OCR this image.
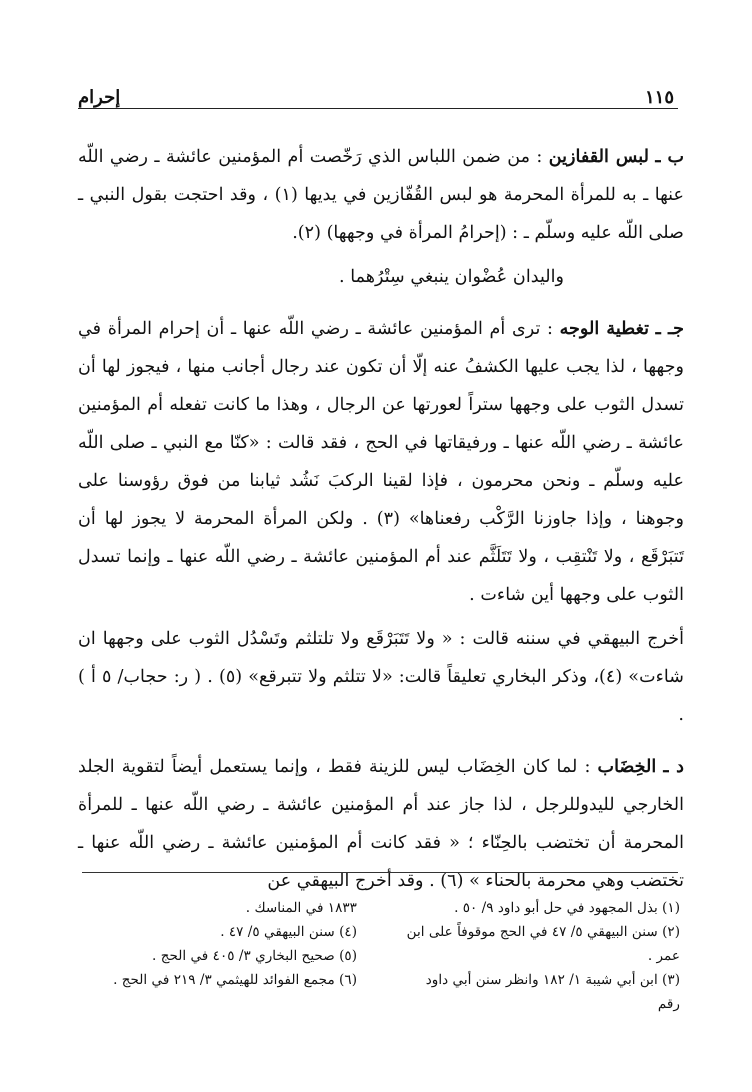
١١٥
إحرام

ب ـ لبس القفازين : من ضمن اللباس الذي رَخّصت أم المؤمنين عائشة ـ رضي اللّه عنها ـ به للمرأة المحرمة هو لبس القُفّازين في يديها (١) ، وقد احتجت بقول النبي ـ صلى اللّه عليه وسلّم ـ : (إحرامُ المرأة في وجهها) (٢).

واليدان عُضْوان ينبغي سِتْرُهما .

جـ ـ تغطية الوجه : ترى أم المؤمنين عائشة ـ رضي اللّه عنها ـ أن إحرام المرأة في وجهها ، لذا يجب عليها الكشفُ عنه إلّا أن تكون عند رجال أجانب منها ، فيجوز لها أن تسدل الثوب على وجهها ستراً لعورتها عن الرجال ، وهذا ما كانت تفعله أم المؤمنين عائشة ـ رضي اللّه عنها ـ ورفيقاتها في الحج ، فقد قالت : «كنّا مع النبي ـ صلى اللّه عليه وسلّم ـ ونحن محرمون ، فإذا لقينا الركبَ نَشُد ثيابنا من فوق رؤوسنا على وجوهنا ، وإذا جاوزنا الرَّكْب رفعناها» (٣) . ولكن المرأة المحرمة لا يجوز لها أن تَتبَرْقَع ، ولا تَنْتقِب ، ولا تَتَلَثَّم عند أم المؤمنين عائشة ـ رضي اللّه عنها ـ وإنما تسدل الثوب على وجهها أين شاءت .

أخرج البيهقي في سننه قالت : « ولا تَتَبَرْقَع ولا تلتلثم وتَسْدُل الثوب على وجهها ان شاءت» (٤)، وذكر البخاري تعليقاً قالت: «لا تتلثم ولا تتبرقع» (٥) . ( ر: حجاب/ ٥ أ ) .

د ـ الخِضَاب : لما كان الخِضَاب ليس للزينة فقط ، وإنما يستعمل أيضاً لتقوية الجلد الخارجي لليدوللرجل ، لذا جاز عند أم المؤمنين عائشة ـ رضي اللّه عنها ـ للمرأة المحرمة أن تختضب بالحِنّاء ؛ « فقد كانت أم المؤمنين عائشة ـ رضي اللّه عنها ـ تختضب وهي محرمة بالحناء » (٦) . وقد أخرج البيهقي عن

(١) بذل المجهود في حل أبو داود ٩/ ٥٠ .

(٢) سنن البيهقي ٥/ ٤٧ في الحج موقوفاً على ابن عمر .

(٣) ابن أبي شيبة ١/ ١٨٢ وانظر سنن أبي داود رقم

١٨٣٣ في المناسك .

(٤) سنن البيهقي ٥/ ٤٧ .

(٥) صحيح البخاري ٣/ ٤٠٥ في الحج .

(٦) مجمع الفوائد للهيثمي ٣/ ٢١٩ في الحج .
